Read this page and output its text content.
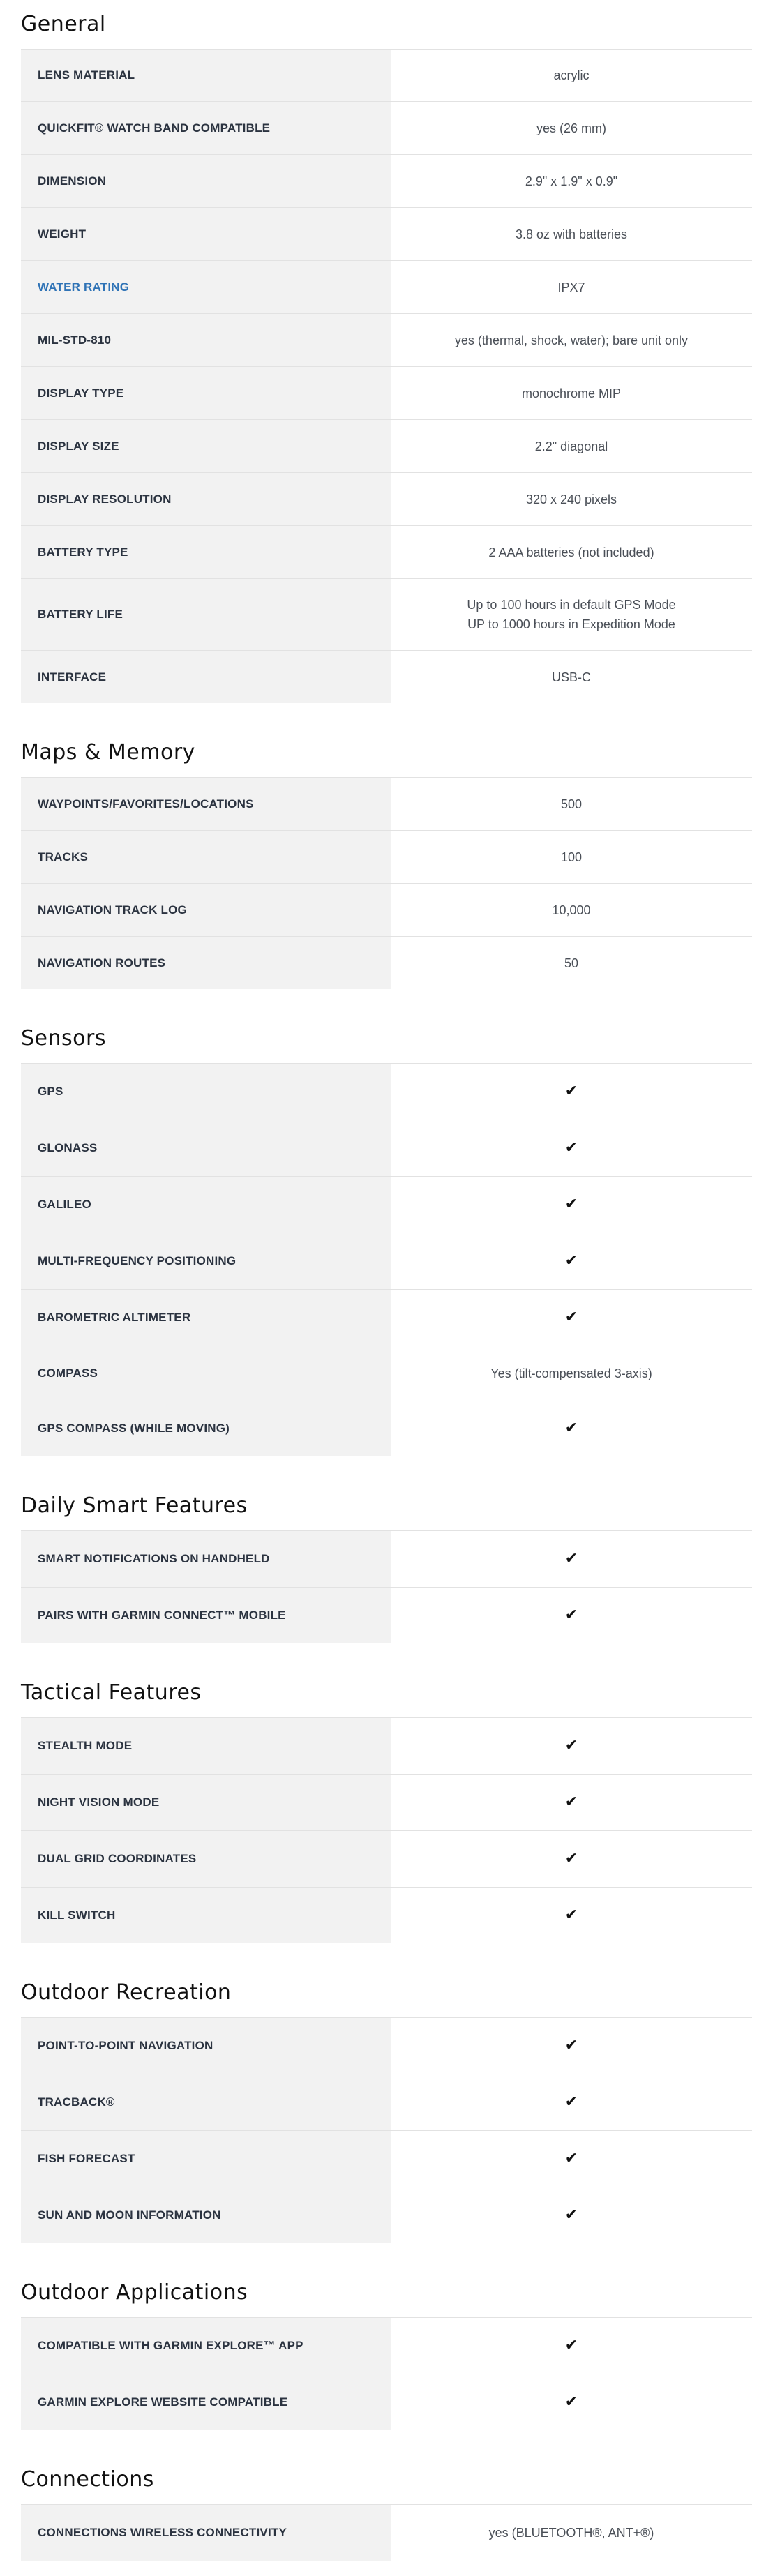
General
LENS MATERIAL	acrylic
QUICKFIT® WATCH BAND COMPATIBLE	yes (26 mm)
DIMENSION	2.9" x 1.9" x 0.9"
WEIGHT	3.8 oz with batteries
WATER RATING	IPX7
MIL-STD-810	yes (thermal, shock, water); bare unit only
DISPLAY TYPE	monochrome MIP
DISPLAY SIZE	2.2" diagonal
DISPLAY RESOLUTION	320 x 240 pixels
BATTERY TYPE	2 AAA batteries (not included)
BATTERY LIFE
Up to 100 hours in default GPS Mode
UP to 1000 hours in Expedition Mode
INTERFACE	USB-C
Maps & Memory
WAYPOINTS/FAVORITES/LOCATIONS	500
TRACKS	100
NAVIGATION TRACK LOG	10,000
NAVIGATION ROUTES	50
Sensors
GPS	✔
GLONASS	✔
GALILEO	✔
MULTI-FREQUENCY POSITIONING	✔
BAROMETRIC ALTIMETER	✔
COMPASS	Yes (tilt-compensated 3-axis)
GPS COMPASS (WHILE MOVING)	✔
Daily Smart Features
SMART NOTIFICATIONS ON HANDHELD	✔
PAIRS WITH GARMIN CONNECT™ MOBILE	✔
Tactical Features
STEALTH MODE	✔
NIGHT VISION MODE	✔
DUAL GRID COORDINATES	✔
KILL SWITCH	✔
Outdoor Recreation
POINT-TO-POINT NAVIGATION	✔
TRACBACK®	✔
FISH FORECAST	✔
SUN AND MOON INFORMATION	✔
Outdoor Applications
COMPATIBLE WITH GARMIN EXPLORE™ APP	✔
GARMIN EXPLORE WEBSITE COMPATIBLE	✔
Connections
CONNECTIONS WIRELESS CONNECTIVITY	yes (BLUETOOTH®, ANT+®)
